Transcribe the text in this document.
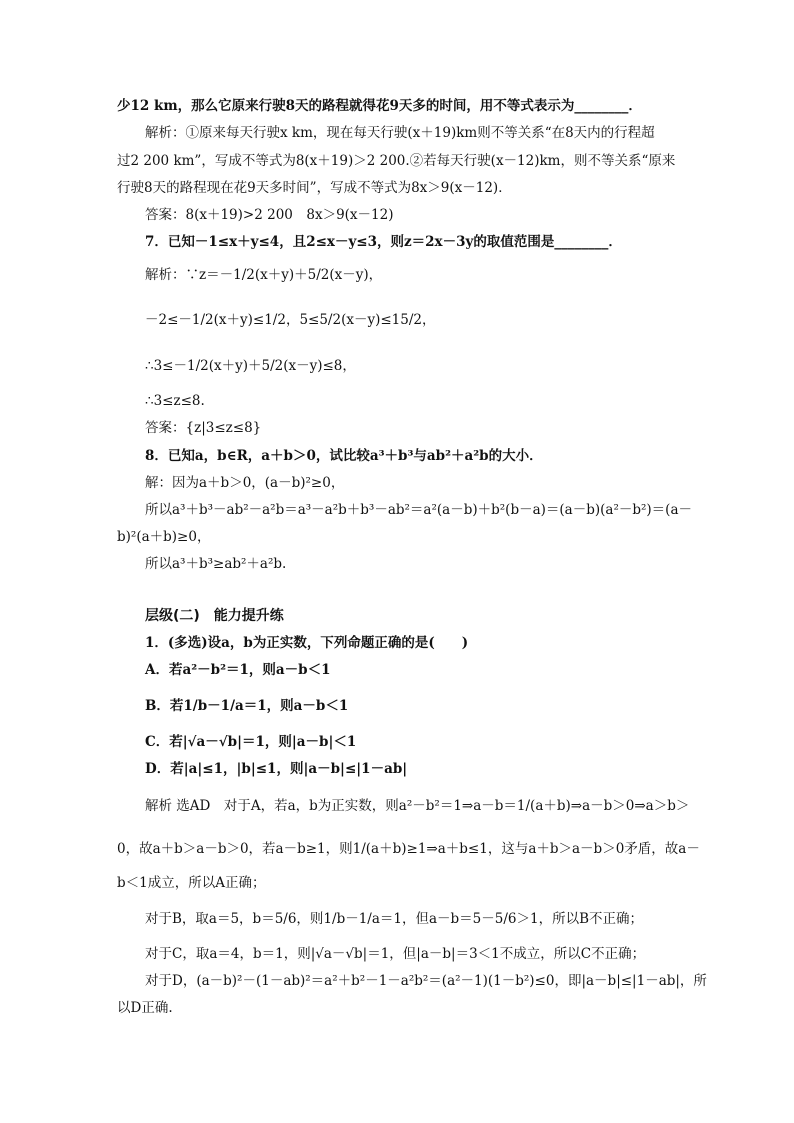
少12 km，那么它原来行驶8天的路程就得花9天多的时间，用不等式表示为________．
解析：①原来每天行驶x km，现在每天行驶(x＋19)km则不等关系“在8天内的行程超
过2 200 km”，写成不等式为8(x＋19)＞2 200.②若每天行驶(x－12)km，则不等关系“原来
行驶8天的路程现在花9天多时间”，写成不等式为8x＞9(x－12)．
答案：8(x＋19)>2 200　8x＞9(x－12)
7．已知－1≤x＋y≤4，且2≤x－y≤3，则z＝2x－3y的取值范围是________．
解析：∵z＝－1/2(x＋y)＋5/2(x－y)，
－2≤－1/2(x＋y)≤1/2，5≤5/2(x－y)≤15/2，
∴3≤－1/2(x＋y)＋5/2(x－y)≤8，
∴3≤z≤8.
答案：{z|3≤z≤8}
8．已知a，b∈R，a＋b＞0，试比较a³＋b³与ab²＋a²b的大小．
解：因为a＋b＞0，(a－b)²≥0，
所以a³＋b³－ab²－a²b＝a³－a²b＋b³－ab²＝a²(a－b)＋b²(b－a)＝(a－b)(a²－b²)＝(a－
b)²(a＋b)≥0，
所以a³＋b³≥ab²＋a²b.
层级(二)　能力提升练
1．(多选)设a，b为正实数，下列命题正确的是(　　)
A．若a²－b²＝1，则a－b＜1
B．若1/b－1/a＝1，则a－b＜1
C．若|√a－√b|＝1，则|a－b|＜1
D．若|a|≤1，|b|≤1，则|a－b|≤|1－ab|
解析 选AD　对于A，若a，b为正实数，则a²－b²＝1⇒a－b＝1/(a＋b)⇒a－b＞0⇒a＞b＞
0，故a＋b＞a－b＞0，若a－b≥1，则1/(a＋b)≥1⇒a＋b≤1，这与a＋b＞a－b＞0矛盾，故a－
b＜1成立，所以A正确；
对于B，取a＝5，b＝5/6，则1/b－1/a＝1，但a－b＝5－5/6＞1，所以B不正确；
对于C，取a＝4，b＝1，则|√a－√b|＝1，但|a－b|＝3＜1不成立，所以C不正确；
对于D，(a－b)²－(1－ab)²＝a²＋b²－1－a²b²＝(a²－1)(1－b²)≤0，即|a－b|≤|1－ab|，所
以D正确.
